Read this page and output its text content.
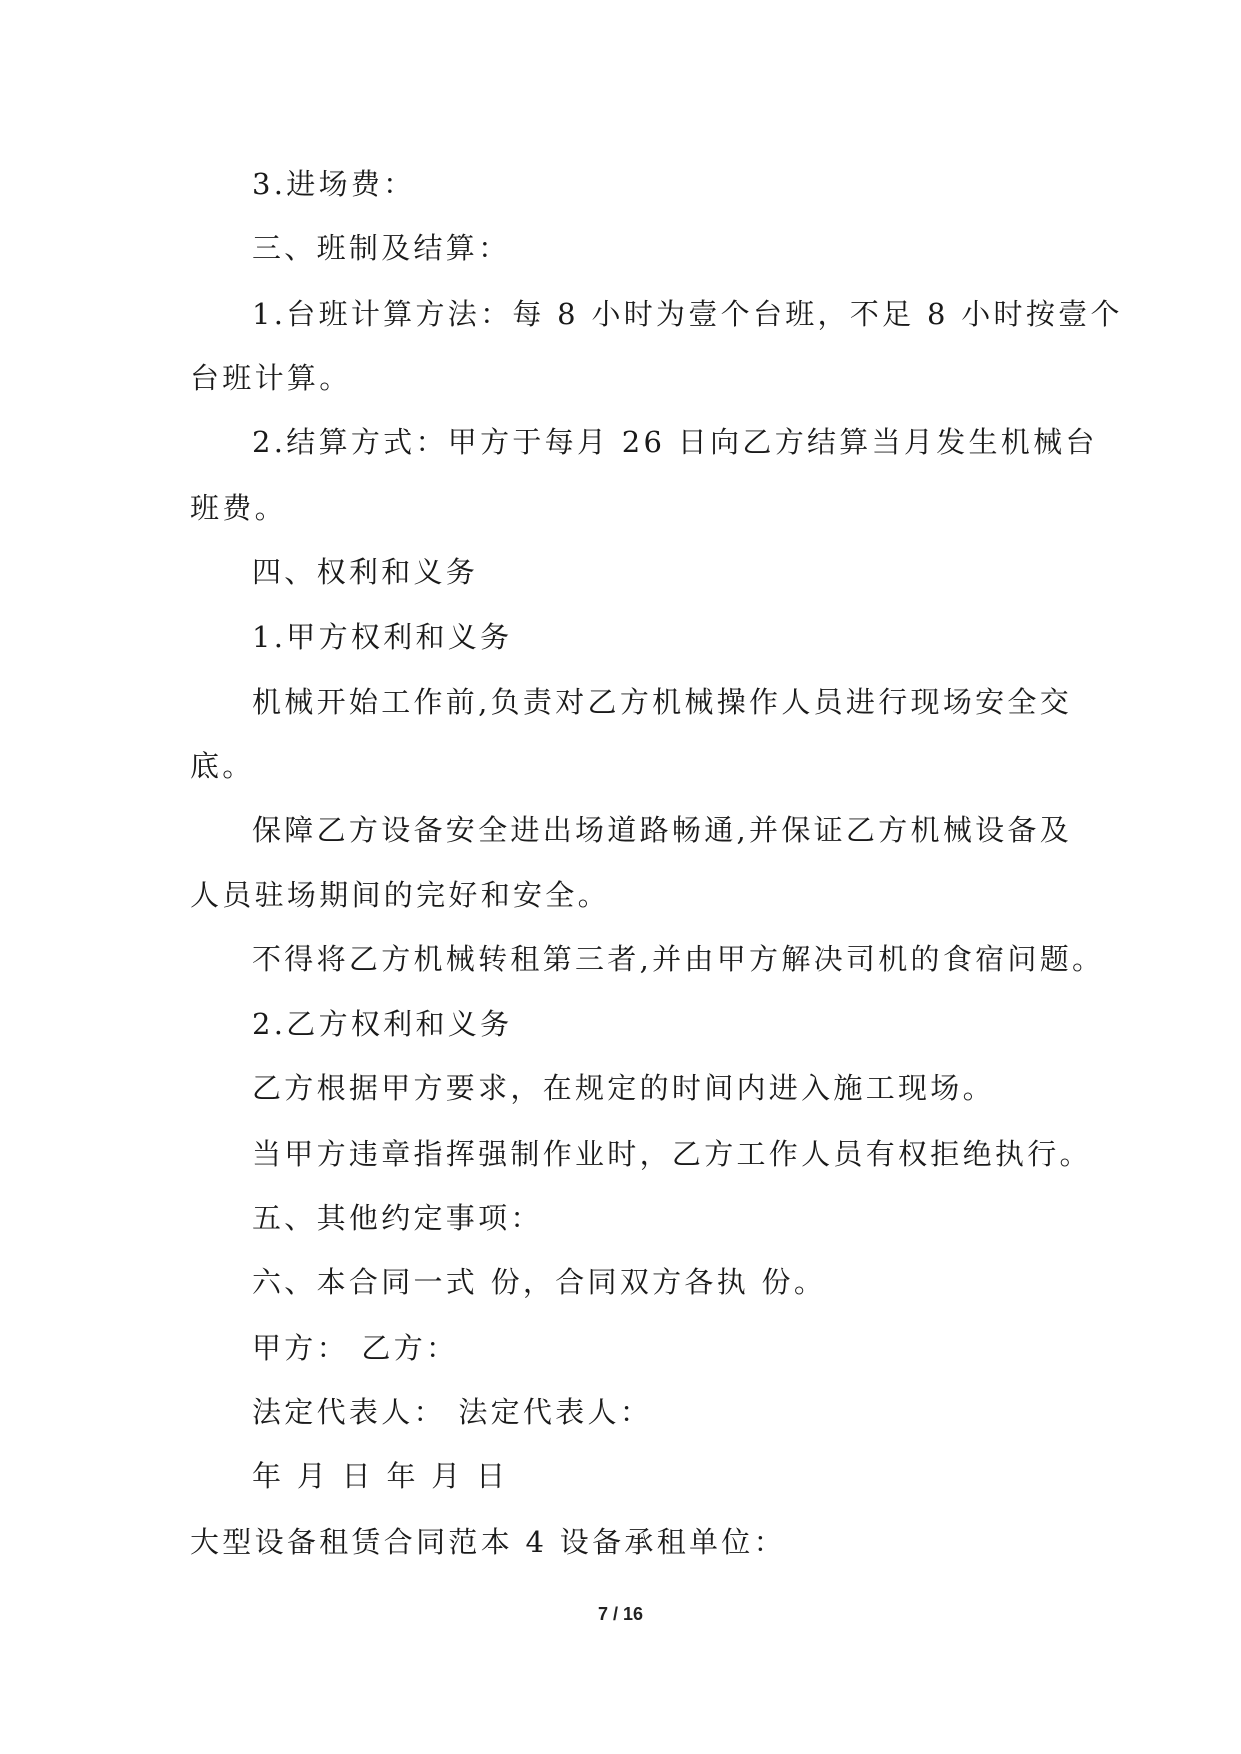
3.进场费：
三、班制及结算：
1.台班计算方法：每 8 小时为壹个台班，不足 8 小时按壹个
台班计算。
2.结算方式：甲方于每月 26 日向乙方结算当月发生机械台
班费。
四、权利和义务
1.甲方权利和义务
机械开始工作前,负责对乙方机械操作人员进行现场安全交
底。
保障乙方设备安全进出场道路畅通,并保证乙方机械设备及
人员驻场期间的完好和安全。
不得将乙方机械转租第三者,并由甲方解决司机的食宿问题。
2.乙方权利和义务
乙方根据甲方要求，在规定的时间内进入施工现场。
当甲方违章指挥强制作业时，乙方工作人员有权拒绝执行。
五、其他约定事项：
六、本合同一式 份，合同双方各执 份。
甲方： 乙方：
法定代表人： 法定代表人：
年 月 日 年 月 日
大型设备租赁合同范本 4 设备承租单位：
7 / 16
